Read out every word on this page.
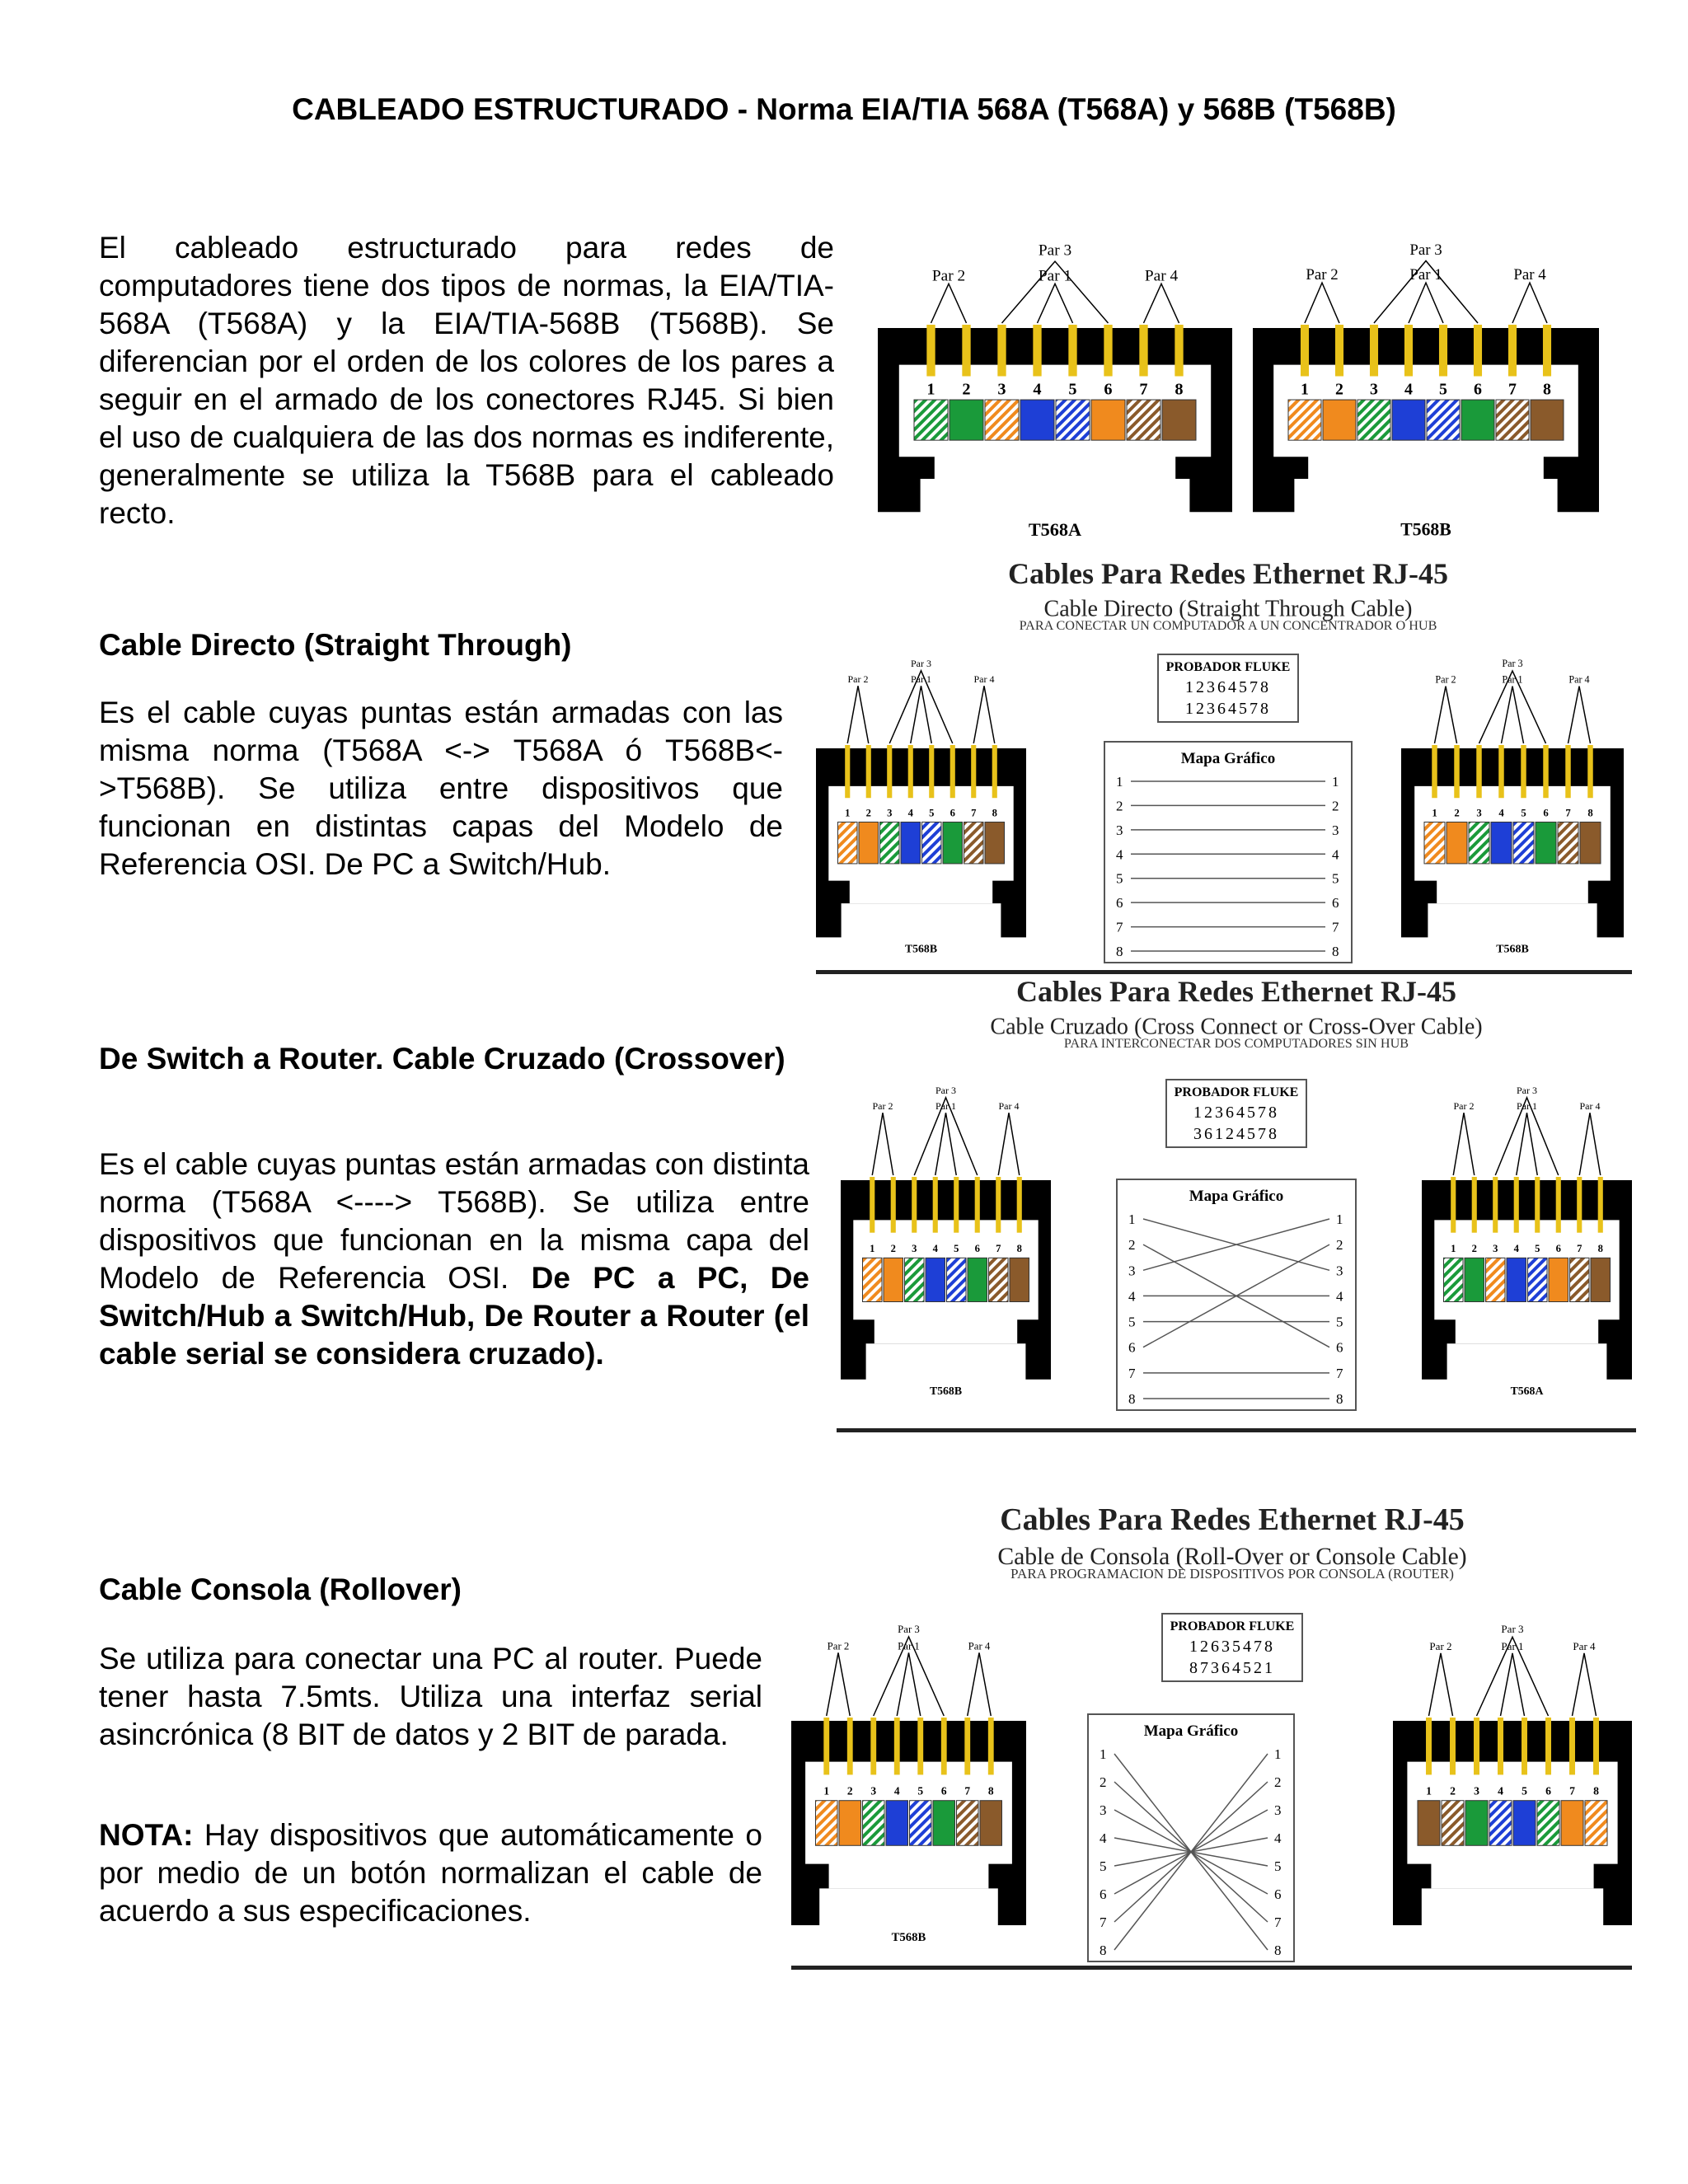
CABLEADO ESTRUCTURADO - Norma EIA/TIA 568A (T568A) y 568B (T568B)

El cableado estructurado para redes de computadores tiene dos tipos de normas, la EIA/TIA-568A (T568A) y la EIA/TIA-568B (T568B). Se diferencian por el orden de los colores de los pares a seguir en el armado de los conectores RJ45. Si bien el uso de cualquiera de las dos normas es indiferente, generalmente se utiliza la T568B para el cableado recto.

Cable Directo (Straight Through)

Es el cable cuyas puntas están armadas con las misma norma (T568A <-> T568A ó T568B<->T568B). Se utiliza entre dispositivos que funcionan en distintas capas del Modelo de Referencia OSI. De PC a Switch/Hub.

De Switch a Router. Cable Cruzado (Crossover)

Es el cable cuyas puntas están armadas con distinta norma (T568A <----> T568B). Se utiliza entre dispositivos que funcionan en la misma capa del Modelo de Referencia OSI. De PC a PC, De Switch/Hub a Switch/Hub, De Router a Router (el cable serial se considera cruzado).

Cable Consola (Rollover)

Se utiliza para conectar una PC al router. Puede tener hasta 7.5mts. Utiliza una interfaz serial asincrónica (8 BIT de datos y 2 BIT de parada.

NOTA: Hay dispositivos que automáticamente o por medio de un botón normalizan el cable de acuerdo a sus especificaciones.

Par 3
Par 2	Par 1	Par 4
1 2 3 4 5 6 7 8
T568A
Par 3
Par 2	Par 1	Par 4
1 2 3 4 5 6 7 8
T568B
Cables Para Redes Ethernet RJ-45
Cable Directo (Straight Through Cable)
PARA CONECTAR UN COMPUTADOR A UN CONCENTRADOR O HUB
PROBADOR FLUKE
12364578
12364578
Par 3
Par 2	Par 1	Par 4
1 2 3 4 5 6 7 8
T568B
Par 3
Par 2	Par 1	Par 4
1 2 3 4 5 6 7 8
T568B
Mapa Gráfico
1	1
2	2
3	3
4	4
5	5
6	6
7	7
8	8
Cables Para Redes Ethernet RJ-45
Cable Cruzado (Cross Connect or Cross-Over Cable)
PARA INTERCONECTAR DOS COMPUTADORES SIN HUB
PROBADOR FLUKE
12364578
36124578
Par 3
Par 2	Par 1	Par 4
1 2 3 4 5 6 7 8
T568B
Par 3
Par 2	Par 1	Par 4
1 2 3 4 5 6 7 8
T568A
Mapa Gráfico
1	1
2	2
3	3
4	4
5	5
6	6
7	7
8	8
Cables Para Redes Ethernet RJ-45
Cable de Consola (Roll-Over or Console Cable)
PARA PROGRAMACION DE DISPOSITIVOS POR CONSOLA (ROUTER)
PROBADOR FLUKE
12635478
87364521
Par 3
Par 2	Par 1	Par 4
1 2 3 4 5 6 7 8
T568B
Par 3
Par 2	Par 1	Par 4
1 2 3 4 5 6 7 8
Mapa Gráfico
1	1
2	2
3	3
4	4
5	5
6	6
7	7
8	8
